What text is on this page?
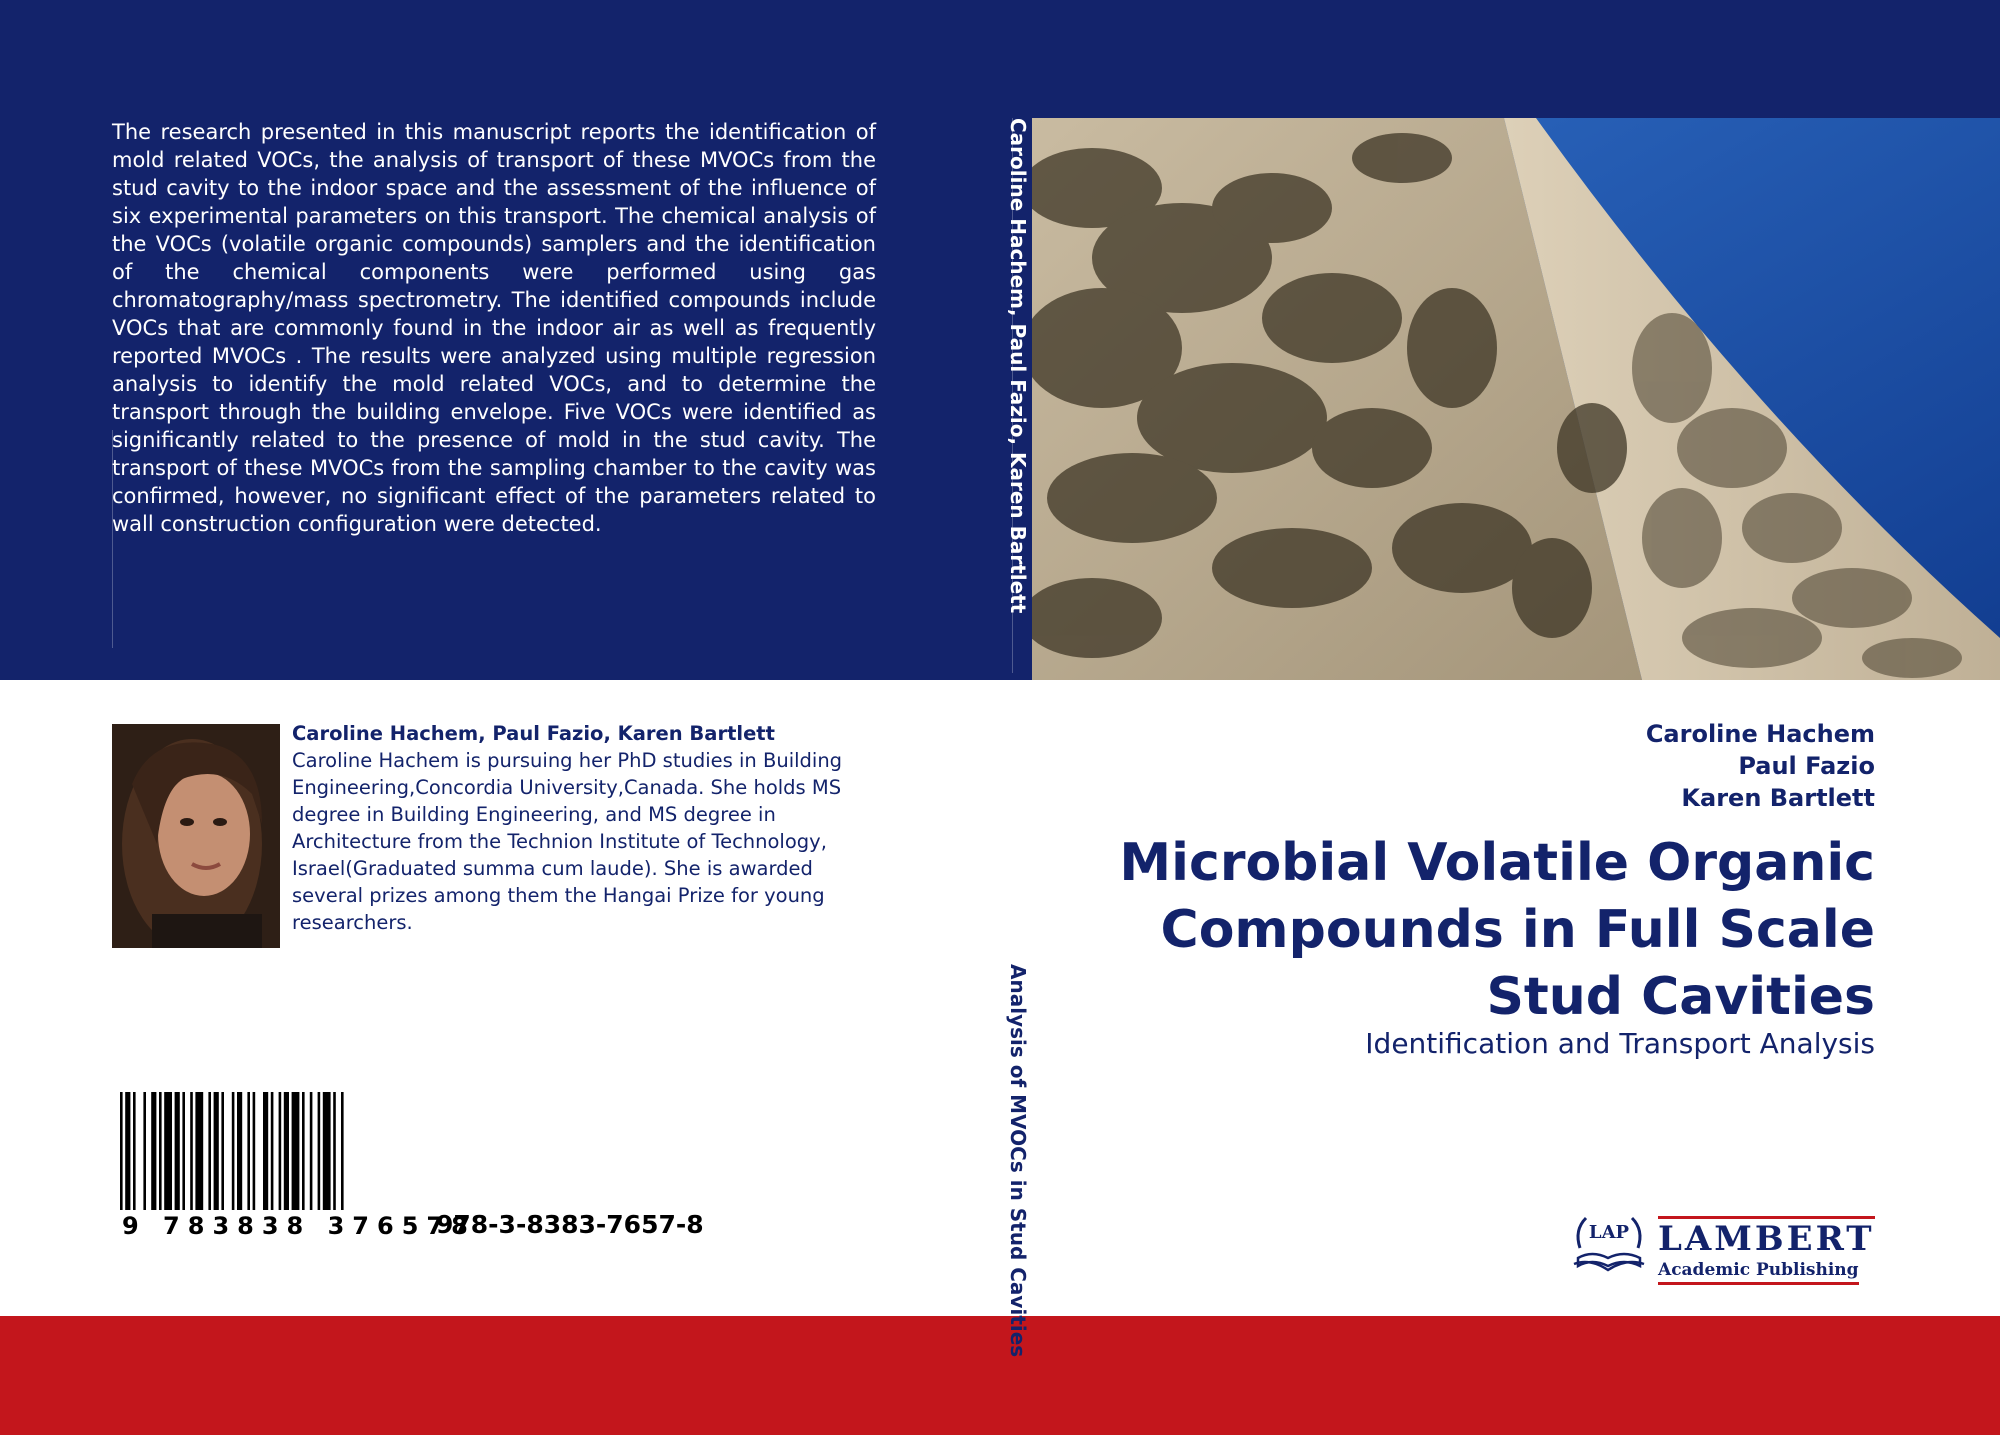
The research presented in this manuscript reports the identification of mold related VOCs, the analysis of transport of these MVOCs from the stud cavity to the indoor space and the assessment of the influence of six experimental parameters on this transport. The chemical analysis of the VOCs (volatile organic compounds) samplers and the identification of the chemical components were performed using gas chromatography/mass spectrometry. The identified compounds include VOCs that are commonly found in the indoor air as well as frequently reported MVOCs . The results were analyzed using multiple regression analysis to identify the mold related VOCs, and to determine the transport through the building envelope. Five VOCs were identified as significantly related to the presence of mold in the stud cavity. The transport of these MVOCs from the sampling chamber to the cavity was confirmed, however, no significant effect of the parameters related to wall construction configuration were detected.	Caroline Hachem, Paul Fazio, Karen Bartlett
Analysis of MVOCs in Stud Cavities
Caroline Hachem, Paul Fazio, Karen Bartlett
Caroline Hachem is pursuing her PhD studies in Building Engineering,Concordia University,Canada. She holds MS degree in Building Engineering, and MS degree in Architecture from the Technion Institute of Technology, Israel(Graduated summa cum laude). She is awarded several prizes among them the Hangai Prize for young researchers.
9 783838 376578
978-3-8383-7657-8
Caroline Hachem
Paul Fazio
Karen Bartlett
Microbial Volatile Organic Compounds in Full Scale Stud Cavities
Identification and Transport Analysis
LAP LAMBERT
Academic Publishing
